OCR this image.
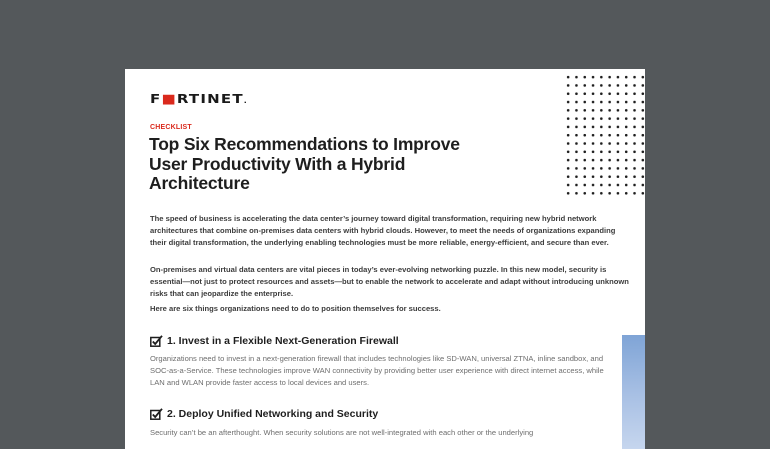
F■RTINET.
CHECKLIST
Top Six Recommendations to Improve User Productivity With a Hybrid Architecture
The speed of business is accelerating the data center’s journey toward digital transformation, requiring new hybrid network architectures that combine on-premises data centers with hybrid clouds. However, to meet the needs of organizations expanding their digital transformation, the underlying enabling technologies must be more reliable, energy-efficient, and secure than ever.
On-premises and virtual data centers are vital pieces in today’s ever-evolving networking puzzle. In this new model, security is essential—not just to protect resources and assets—but to enable the network to accelerate and adapt without introducing unknown risks that can jeopardize the enterprise.
Here are six things organizations need to do to position themselves for success.
1. Invest in a Flexible Next-Generation Firewall
Organizations need to invest in a next-generation firewall that includes technologies like SD-WAN, universal ZTNA, inline sandbox, and SOC-as-a-Service. These technologies improve WAN connectivity by providing better user experience with direct internet access, while LAN and WLAN provide faster access to local devices and users.
2. Deploy Unified Networking and Security
Security can’t be an afterthought. When security solutions are not well-integrated with each other or the underlying
